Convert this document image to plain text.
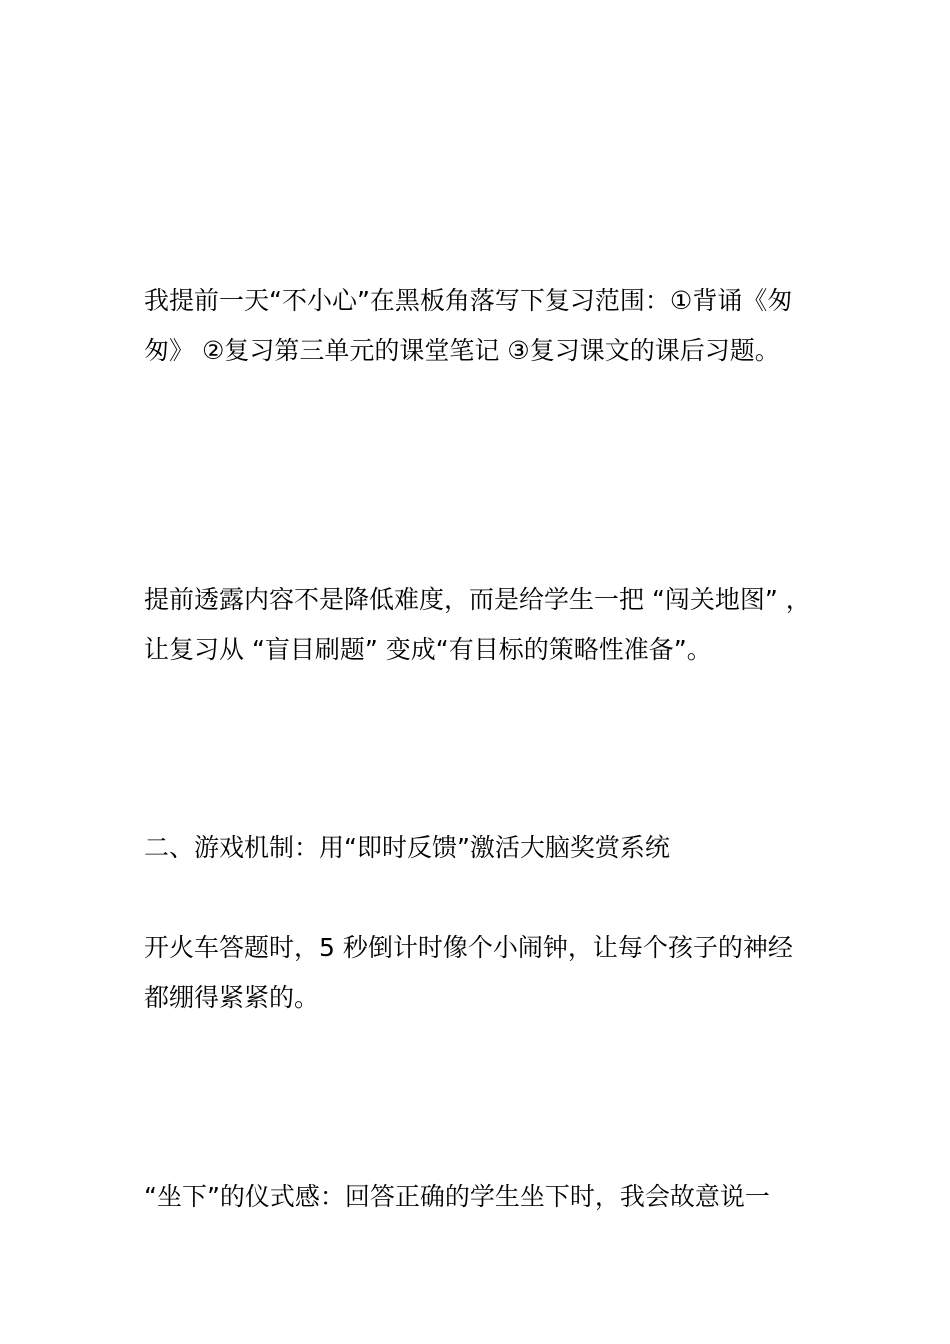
我提前一天“不小心”在黑板角落写下复习范围：①背诵《匆匆》 ②复习第三单元的课堂笔记 ③复习课文的课后习题。

提前透露内容不是降低难度，而是给学生一把 “闯关地图” ，让复习从 “盲目刷题” 变成“有目标的策略性准备”。

二、游戏机制：用“即时反馈”激活大脑奖赏系统

开火车答题时，5 秒倒计时像个小闹钟，让每个孩子的神经都绷得紧紧的。

“坐下”的仪式感：回答正确的学生坐下时，我会故意说一
